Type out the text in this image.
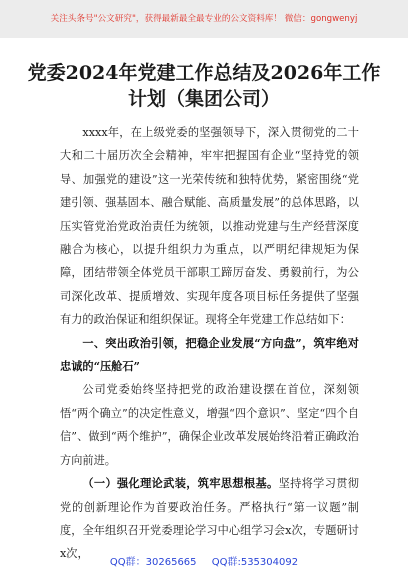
关注头条号"公文研究"，获得最新最全最专业的公文资料库！ 微信：gongwenyj
党委2024年党建工作总结及2026年工作
计划（集团公司）

xxxx年，在上级党委的坚强领导下，深入贯彻党的二十大和二十届历次全会精神，牢牢把握国有企业“坚持党的领导、加强党的建设”这一光荣传统和独特优势，紧密围绕“党建引领、强基固本、融合赋能、高质量发展”的总体思路，以压实管党治党政治责任为统领，以推动党建与生产经营深度融合为核心，以提升组织力为重点，以严明纪律规矩为保障，团结带领全体党员干部职工蹄厉奋发、勇毅前行，为公司深化改革、提质增效、实现年度各项目标任务提供了坚强有力的政治保证和组织保证。现将全年党建工作总结如下：

一、突出政治引领，把稳企业发展“方向盘”，筑牢绝对忠诚的“压舱石”

公司党委始终坚持把党的政治建设摆在首位，深刻领悟“两个确立”的决定性意义，增强“四个意识”、坚定“四个自信”、做到“两个维护”，确保企业改革发展始终沿着正确政治方向前进。

（一）强化理论武装，筑牢思想根基。坚持将学习贯彻党的创新理论作为首要政治任务。严格执行“第一议题”制度，全年组织召开党委理论学习中心组学习会x次，专题研讨x次，

QQ群：30265665 QQ群:535304092
